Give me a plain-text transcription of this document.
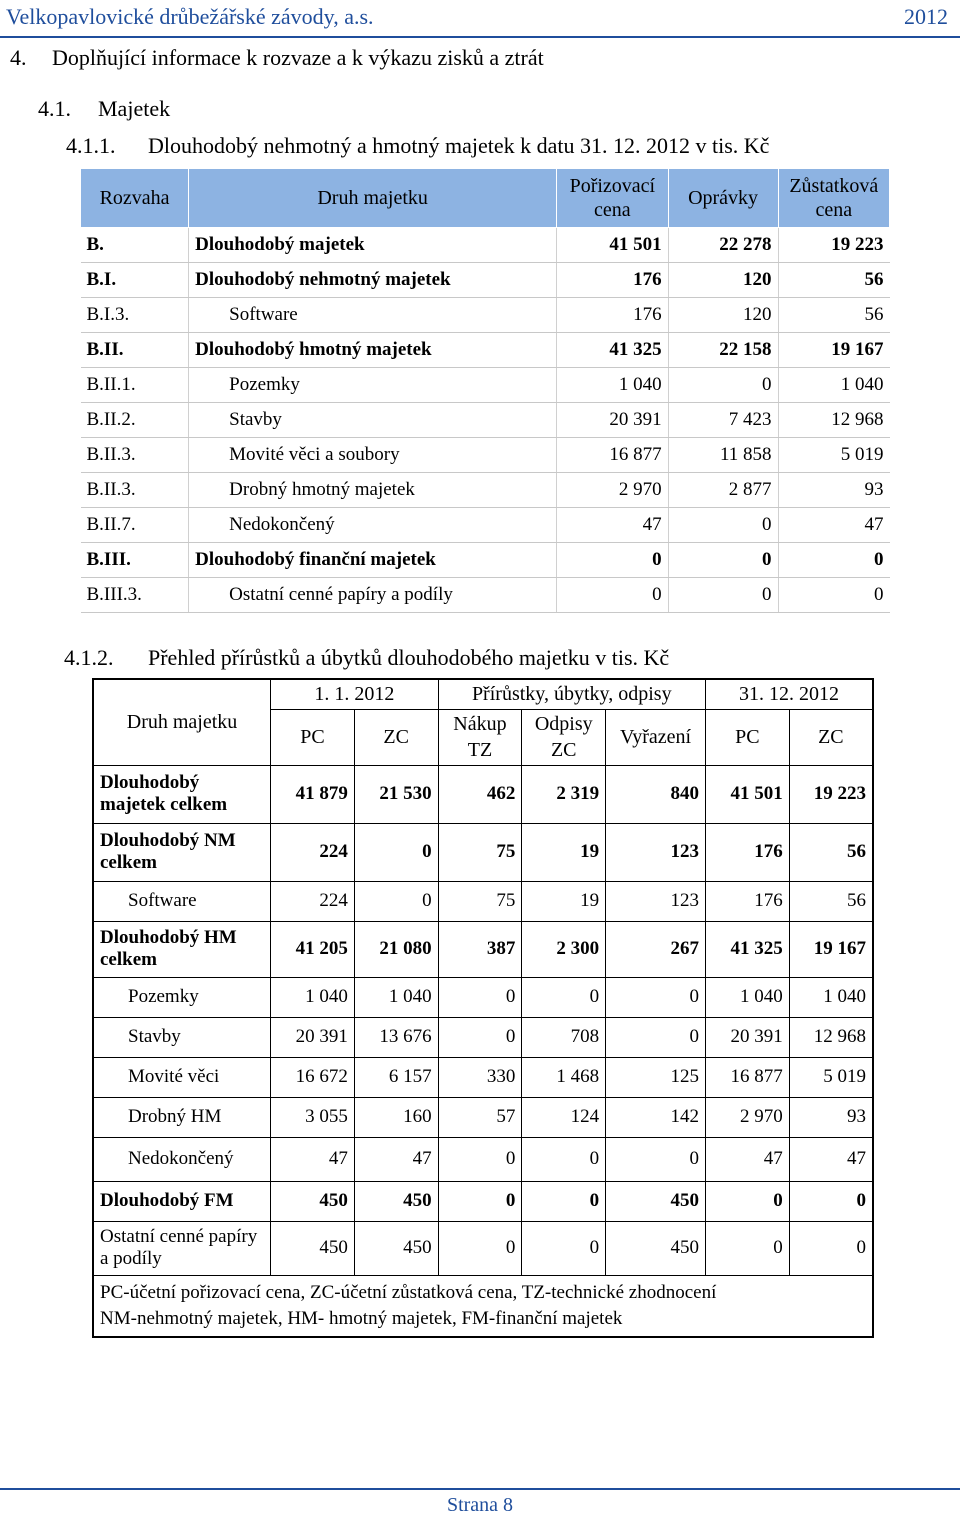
Velkopavlovické drůbežářské závody, a.s.	2012
4. Doplňující informace k rozvaze a k výkazu zisků a ztrát
4.1. Majetek
4.1.1. Dlouhodobý nehmotný a hmotný majetek k datu 31. 12. 2012 v tis. Kč
Rozvaha	Druh majetku	Pořizovací cena	Oprávky	Zůstatková cena
B.	Dlouhodobý majetek	41 501	22 278	19 223
B.I.	Dlouhodobý nehmotný majetek	176	120	56
B.I.3.	Software	176	120	56
B.II.	Dlouhodobý hmotný majetek	41 325	22 158	19 167
B.II.1.	Pozemky	1 040	0	1 040
B.II.2.	Stavby	20 391	7 423	12 968
B.II.3.	Movité věci a soubory	16 877	11 858	5 019
B.II.3.	Drobný hmotný majetek	2 970	2 877	93
B.II.7.	Nedokončený	47	0	47
B.III.	Dlouhodobý finanční majetek	0	0	0
B.III.3.	Ostatní cenné papíry a podíly	0	0	0
4.1.2. Přehled přírůstků a úbytků dlouhodobého majetku v tis. Kč
Druh majetku	1. 1. 2012		Přírůstky, úbytky, odpisy			31. 12. 2012	
	PC	ZC	Nákup TZ	Odpisy ZC	Vyřazení	PC	ZC
Dlouhodobý majetek celkem	41 879	21 530	462	2 319	840	41 501	19 223
Dlouhodobý NM celkem	224	0	75	19	123	176	56
Software	224	0	75	19	123	176	56
Dlouhodobý HM celkem	41 205	21 080	387	2 300	267	41 325	19 167
Pozemky	1 040	1 040	0	0	0	1 040	1 040
Stavby	20 391	13 676	0	708	0	20 391	12 968
Movité věci	16 672	6 157	330	1 468	125	16 877	5 019
Drobný HM	3 055	160	57	124	142	2 970	93
Nedokončený	47	47	0	0	0	47	47
Dlouhodobý FM	450	450	0	0	450	0	0
Ostatní cenné papíry a podíly	450	450	0	0	450	0	0

PC-účetní pořizovací cena, ZC-účetní zůstatková cena, TZ-technické zhodnocení
NM-nehmotný majetek, HM- hmotný majetek, FM-finanční majetek							
Strana 8
